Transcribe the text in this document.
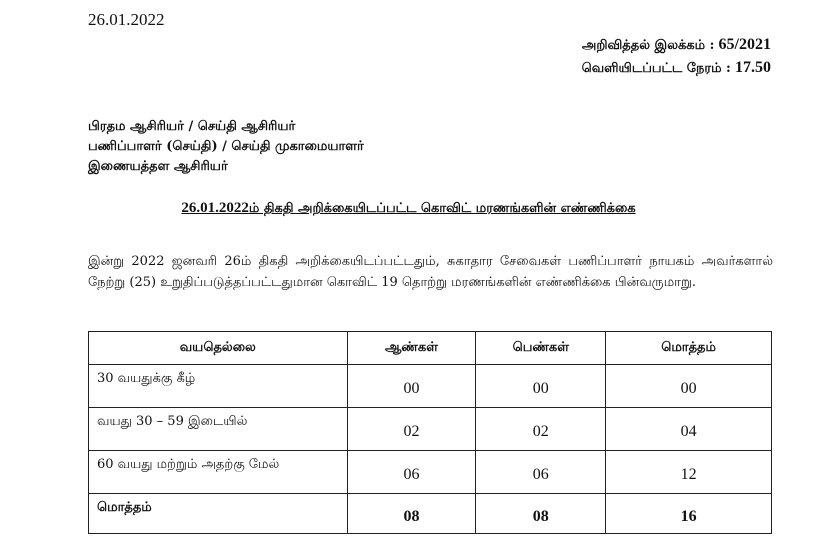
26.01.2022
அறிவித்தல் இலக்கம் : 65/2021
வெளியிடப்பட்ட நேரம் : 17.50
பிரதம ஆசிரியர் / செய்தி ஆசிரியர்
பணிப்பாளர் (செய்தி) / செய்தி முகாமையாளர்
இணையத்தள ஆசிரியர்
26.01.2022ம் திகதி அறிக்கையிடப்பட்ட கொவிட் மரணங்களின் எண்ணிக்கை
இன்று 2022 ஜனவரி 26ம் திகதி அறிக்கையிடப்பட்டதும், சுகாதார சேவைகள் பணிப்பாளர் நாயகம் அவர்களால் நேற்று (25) உறுதிப்படுத்தப்பட்டதுமான கொவிட் 19 தொற்று மரணங்களின் எண்ணிக்கை பின்வருமாறு.
வயதெல்லை	ஆண்கள்	பெண்கள்	மொத்தம்
30 வயதுக்கு கீழ்	00	00	00
வயது 30 – 59 இடையில்	02	02	04
60 வயது மற்றும் அதற்கு மேல்	06	06	12
மொத்தம்	08	08	16
